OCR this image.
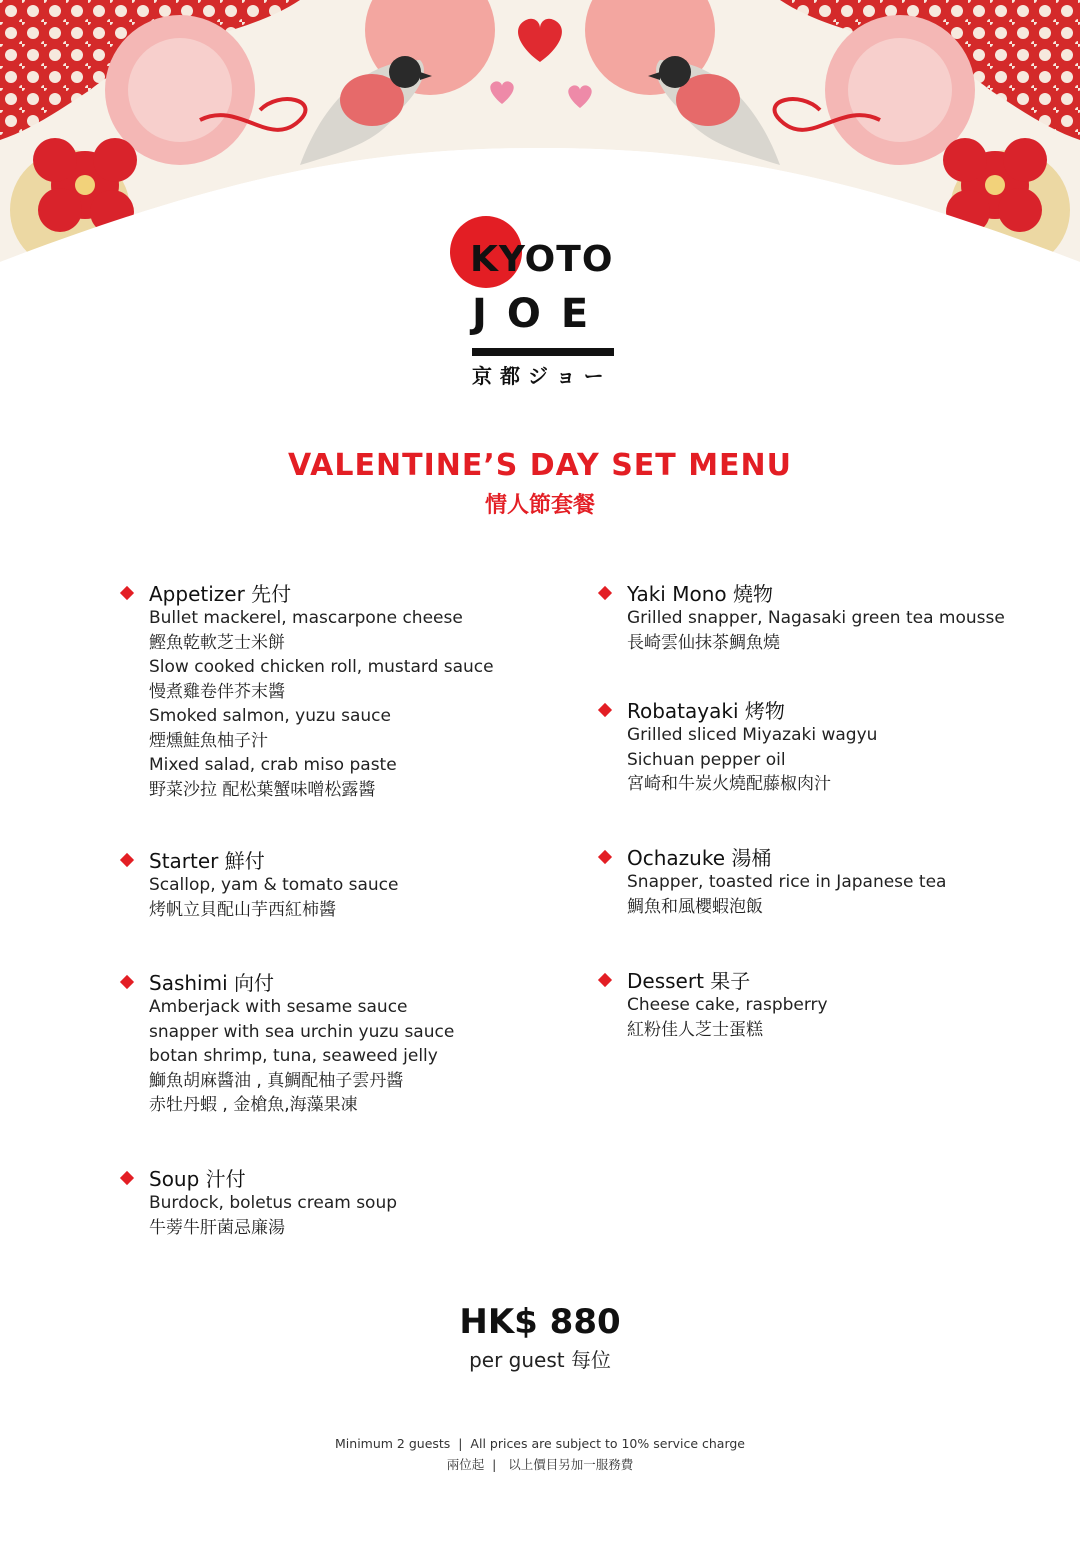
KYOTO
JOE
京都ジョー
VALENTINE’S DAY SET MENU
情人節套餐
Appetizer 先付
Bullet mackerel, mascarpone cheese
鰹魚乾軟芝士米餅
Slow cooked chicken roll, mustard sauce
慢煮雞卷伴芥末醬
Smoked salmon, yuzu sauce
煙燻鮭魚柚子汁
Mixed salad, crab miso paste
野菜沙拉 配松葉蟹味噌松露醬
Starter 鮮付
Scallop, yam & tomato sauce
烤帆立貝配山芋西紅柿醬
Sashimi 向付
Amberjack with sesame sauce
snapper with sea urchin yuzu sauce
botan shrimp, tuna, seaweed jelly
鰤魚胡麻醬油 , 真鯛配柚子雲丹醬
赤牡丹蝦 , 金槍魚,海藻果凍
Soup 汁付
Burdock, boletus cream soup
牛蒡牛肝菌忌廉湯
Yaki Mono 燒物
Grilled snapper, Nagasaki green tea mousse
長崎雲仙抹茶鯛魚燒
Robatayaki 烤物
Grilled sliced Miyazaki wagyu
Sichuan pepper oil
宮崎和牛炭火燒配藤椒肉汁
Ochazuke 湯桶
Snapper, toasted rice in Japanese tea
鯛魚和風櫻蝦泡飯
Dessert 果子
Cheese cake, raspberry
紅粉佳人芝士蛋糕
HK$ 880
per guest 每位
Minimum 2 guests  |  All prices are subject to 10% service charge
兩位起  |   以上價目另加一服務費
